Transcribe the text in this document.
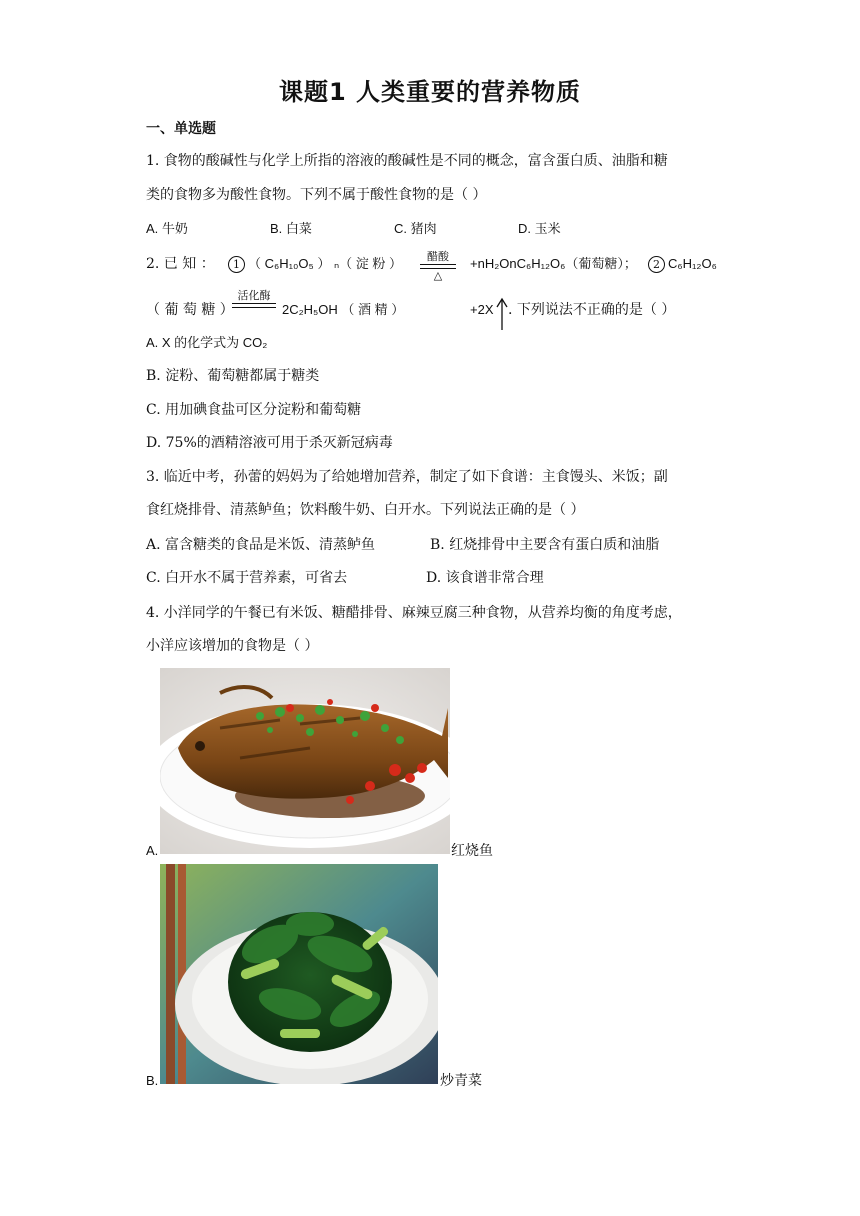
课题1 人类重要的营养物质
一、单选题
1. 食物的酸碱性与化学上所指的溶液的酸碱性是不同的概念，富含蛋白质、油脂和糖
类的食物多为酸性食物。下列不属于酸性食物的是（ ）
A. 牛奶	B. 白菜	C. 猪肉	D. 玉米
2. 已 知 ：	1 （ C₆H₁₀O₅ ） ₙ（ 淀 粉 ）	醋酸
△
+nH₂OnC₆H₁₂O₆（葡萄糖）；	2 C₆H₁₂O₆
（ 葡 萄 糖 ）
活化酶
2C₂H₅OH （ 酒 精 ）	+2X . 下列说法不正确的是（ ）
A. X 的化学式为 CO₂
B. 淀粉、葡萄糖都属于糖类
C. 用加碘食盐可区分淀粉和葡萄糖
D. 75%的酒精溶液可用于杀灭新冠病毒
3. 临近中考，孙蕾的妈妈为了给她增加营养，制定了如下食谱：主食馒头、米饭；副
食红烧排骨、清蒸鲈鱼；饮料酸牛奶、白开水。下列说法正确的是（ ）
A. 富含糖类的食品是米饭、清蒸鲈鱼	B. 红烧排骨中主要含有蛋白质和油脂
C. 白开水不属于营养素，可省去	D. 该食谱非常合理
4. 小洋同学的午餐已有米饭、糖醋排骨、麻辣豆腐三种食物，从营养均衡的角度考虑，
小洋应该增加的食物是（ ）
A.	红烧鱼
B.	炒青菜
